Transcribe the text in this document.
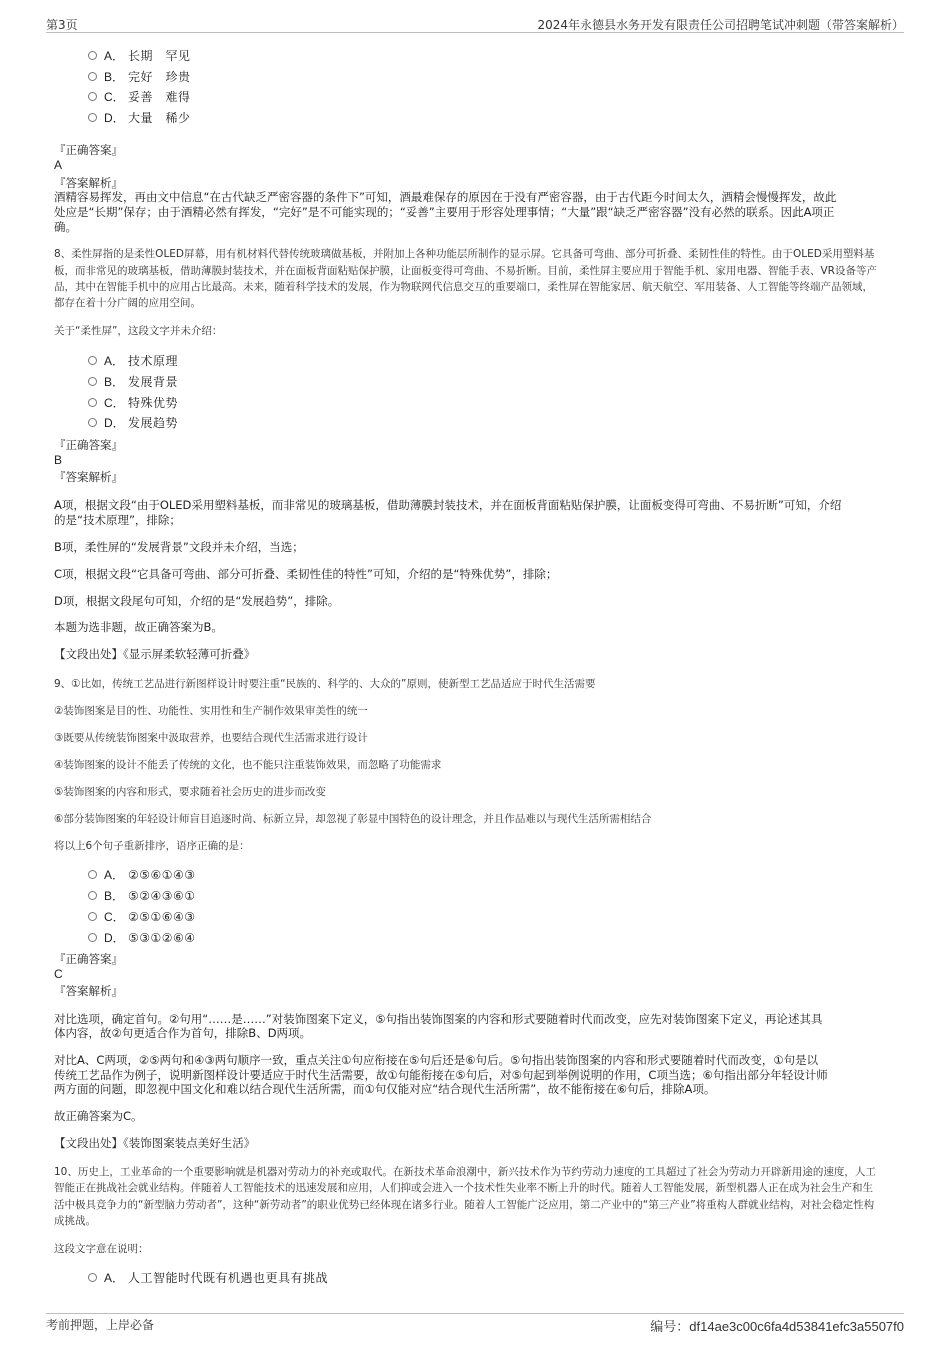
第3页	2024年永德县水务开发有限责任公司招聘笔试冲刺题（带答案解析）
A． 长期　罕见
B． 完好　珍贵
C． 妥善　难得
D． 大量　稀少
『正确答案』
A
『答案解析』
酒精容易挥发，再由文中信息“在古代缺乏严密容器的条件下”可知，酒最难保存的原因在于没有严密容器，由于古代距今时间太久，酒精会慢慢挥发，故此
处应是“长期”保存；由于酒精必然有挥发，“完好”是不可能实现的；“妥善”主要用于形容处理事情；“大量”跟“缺乏严密容器”没有必然的联系。因此A项正
确。
8、柔性屏指的是柔性OLED屏幕，用有机材料代替传统玻璃做基板，并附加上各种功能层所制作的显示屏。它具备可弯曲、部分可折叠、柔韧性佳的特性。由于OLED采用塑料基
板，而非常见的玻璃基板，借助薄膜封装技术，并在面板背面粘贴保护膜，让面板变得可弯曲、不易折断。目前，柔性屏主要应用于智能手机、家用电器、智能手表、VR设备等产
品，其中在智能手机中的应用占比最高。未来，随着科学技术的发展，作为物联网代信息交互的重要端口，柔性屏在智能家居、航天航空、军用装备、人工智能等终端产品领域，
都存在着十分广阔的应用空间。
关于“柔性屏”，这段文字并未介绍：
A． 技术原理
B． 发展背景
C． 特殊优势
D． 发展趋势
『正确答案』
B
『答案解析』
A项，根据文段“由于OLED采用塑料基板，而非常见的玻璃基板，借助薄膜封装技术，并在面板背面粘贴保护膜，让面板变得可弯曲、不易折断”可知，介绍
的是“技术原理”，排除；
B项，柔性屏的“发展背景”文段并未介绍，当选；
C项，根据文段“它具备可弯曲、部分可折叠、柔韧性佳的特性”可知，介绍的是“特殊优势”，排除；
D项，根据文段尾句可知，介绍的是“发展趋势”，排除。
本题为选非题，故正确答案为B。
【文段出处】《显示屏柔软轻薄可折叠》
9、①比如，传统工艺品进行新图样设计时要注重“民族的、科学的、大众的”原则，使新型工艺品适应于时代生活需要
②装饰图案是目的性、功能性、实用性和生产制作效果审美性的统一
③既要从传统装饰图案中汲取营养，也要结合现代生活需求进行设计
④装饰图案的设计不能丢了传统的文化，也不能只注重装饰效果，而忽略了功能需求
⑤装饰图案的内容和形式，要求随着社会历史的进步而改变
⑥部分装饰图案的年轻设计师盲目追逐时尚、标新立异，却忽视了彰显中国特色的设计理念，并且作品难以与现代生活所需相结合
将以上6个句子重新排序，语序正确的是：
A． ②⑤⑥①④③
B． ⑤②④③⑥①
C． ②⑤①⑥④③
D． ⑤③①②⑥④
『正确答案』
C
『答案解析』
对比选项，确定首句。②句用“……是……”对装饰图案下定义，⑤句指出装饰图案的内容和形式要随着时代而改变，应先对装饰图案下定义，再论述其具
体内容，故②句更适合作为首句，排除B、D两项。
对比A、C两项，②⑤两句和④③两句顺序一致，重点关注①句应衔接在⑤句后还是⑥句后。⑤句指出装饰图案的内容和形式要随着时代而改变，①句是以
传统工艺品作为例子，说明新图样设计要适应于时代生活需要，故①句能衔接在⑤句后，对⑤句起到举例说明的作用，C项当选；⑥句指出部分年轻设计师
两方面的问题，即忽视中国文化和难以结合现代生活所需，而①句仅能对应“结合现代生活所需”，故不能衔接在⑥句后，排除A项。
故正确答案为C。
【文段出处】《装饰图案装点美好生活》
10、历史上，工业革命的一个重要影响就是机器对劳动力的补充或取代。在新技术革命浪潮中，新兴技术作为节约劳动力速度的工具超过了社会为劳动力开辟新用途的速度，人工
智能正在挑战社会就业结构。伴随着人工智能技术的迅速发展和应用，人们抑或会进入一个技术性失业率不断上升的时代。随着人工智能发展，新型机器人正在成为社会生产和生
活中极具竞争力的“新型脑力劳动者”，这种“新劳动者”的职业优势已经体现在诸多行业。随着人工智能广泛应用，第二产业中的“第三产业”将重构人群就业结构，对社会稳定性构
成挑战。
这段文字意在说明：
A． 人工智能时代既有机遇也更具有挑战
考前押题，上岸必备	编号：df14ae3c00c6fa4d53841efc3a5507f0
